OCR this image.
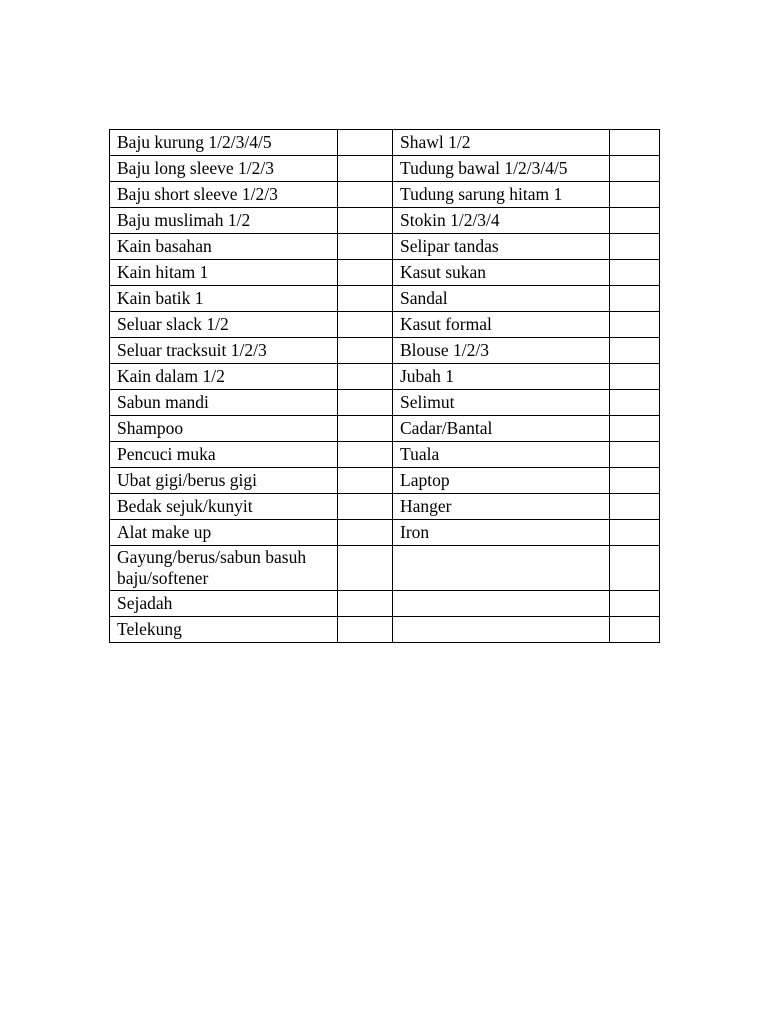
Baju kurung 1/2/3/4/5		Shawl 1/2	
Baju long sleeve 1/2/3		Tudung bawal 1/2/3/4/5	
Baju short sleeve 1/2/3		Tudung sarung hitam 1	
Baju muslimah 1/2		Stokin 1/2/3/4	
Kain basahan		Selipar tandas	
Kain hitam 1		Kasut sukan	
Kain batik 1		Sandal	
Seluar slack 1/2		Kasut formal	
Seluar tracksuit 1/2/3		Blouse 1/2/3	
Kain dalam 1/2		Jubah 1	
Sabun mandi		Selimut	
Shampoo		Cadar/Bantal	
Pencuci muka		Tuala	
Ubat gigi/berus gigi		Laptop	
Bedak sejuk/kunyit		Hanger	
Alat make up		Iron	
Gayung/berus/sabun basuh baju/softener			
Sejadah			
Telekung			
